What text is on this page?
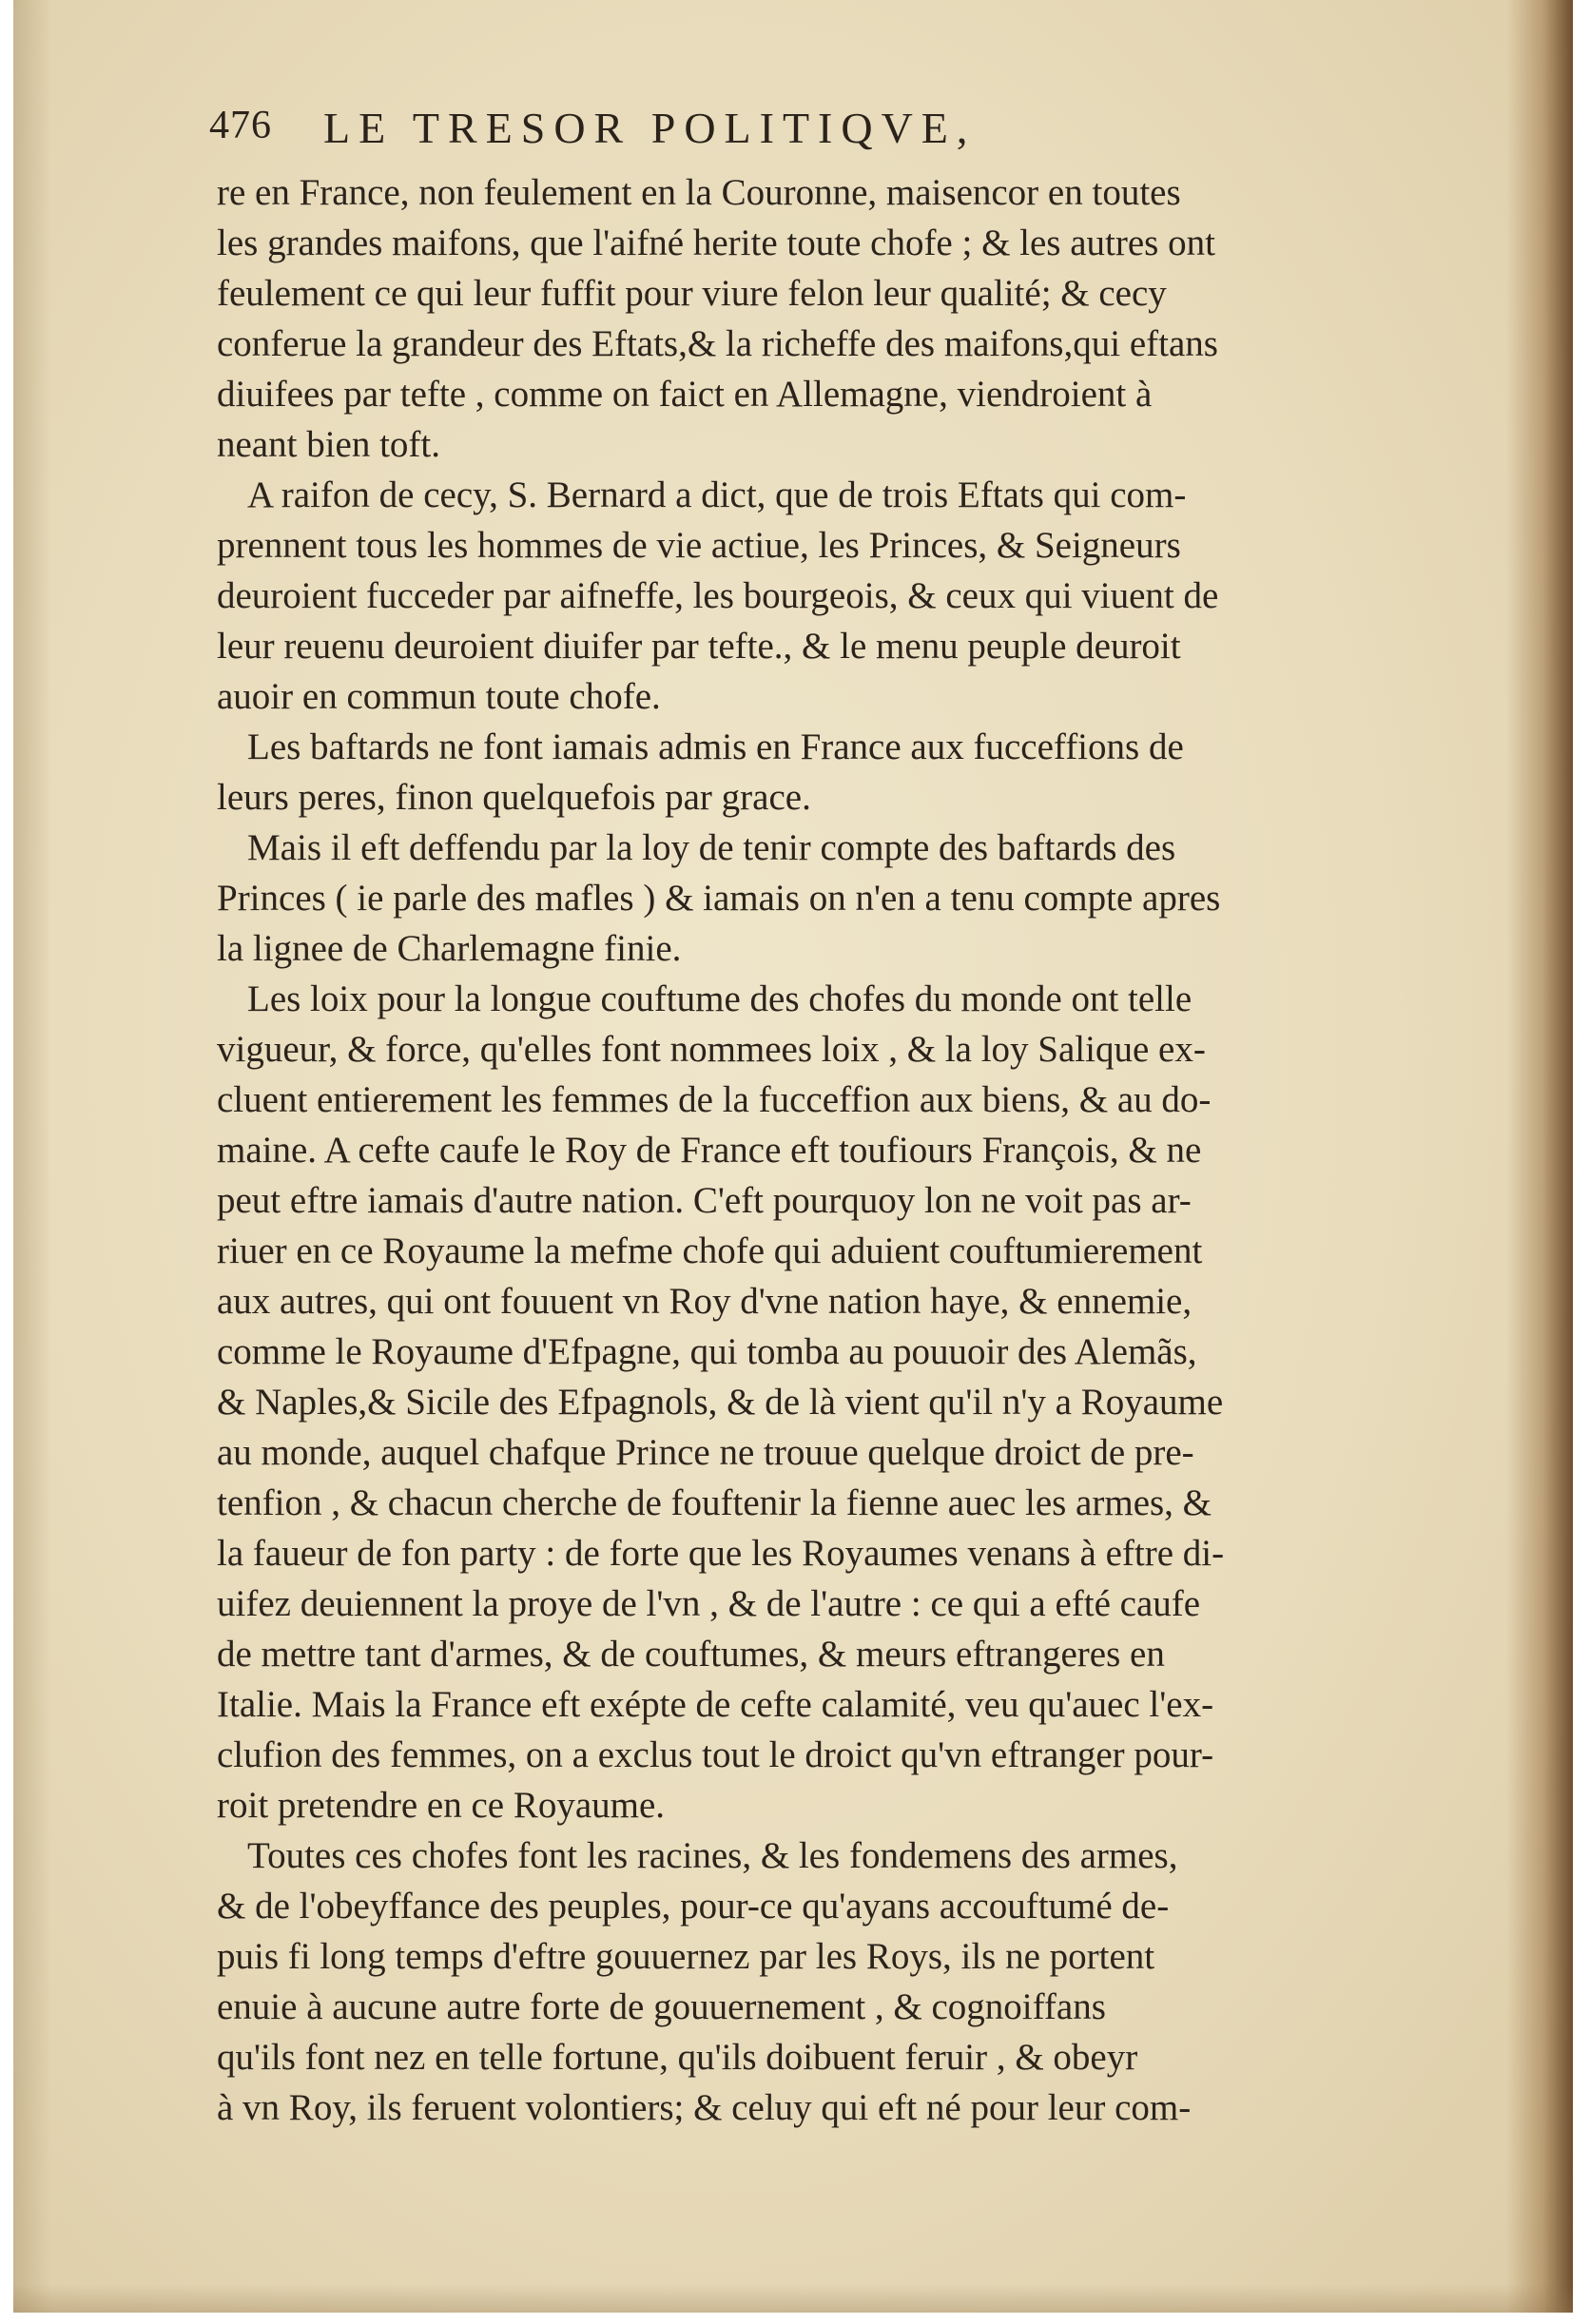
476 LE TRESOR POLITIQVE,
re en France, non feulement en la Couronne, maisencor en toutes
les grandes maifons, que l'aifné herite toute chofe ; & les autres ont
feulement ce qui leur fuffit pour viure felon leur qualité; & cecy
conferue la grandeur des Eftats,& la richeffe des maifons,qui eftans
diuifees par tefte , comme on faict en Allemagne, viendroient à
neant bien toft.
A raifon de cecy, S. Bernard a dict, que de trois Eftats qui com-
prennent tous les hommes de vie actiue, les Princes, & Seigneurs
deuroient fucceder par aifneffe, les bourgeois, & ceux qui viuent de
leur reuenu deuroient diuifer par tefte., & le menu peuple deuroit
auoir en commun toute chofe.
Les baftards ne font iamais admis en France aux fucceffions de
leurs peres, finon quelquefois par grace.
Mais il eft deffendu par la loy de tenir compte des baftards des
Princes ( ie parle des mafles ) & iamais on n'en a tenu compte apres
la lignee de Charlemagne finie.
Les loix pour la longue couftume des chofes du monde ont telle
vigueur, & force, qu'elles font nommees loix , & la loy Salique ex-
cluent entierement les femmes de la fucceffion aux biens, & au do-
maine. A cefte caufe le Roy de France eft toufiours François, & ne
peut eftre iamais d'autre nation. C'eft pourquoy lon ne voit pas ar-
riuer en ce Royaume la mefme chofe qui aduient couftumierement
aux autres, qui ont fouuent vn Roy d'vne nation haye, & ennemie,
comme le Royaume d'Efpagne, qui tomba au pouuoir des Alemãs,
& Naples,& Sicile des Efpagnols, & de là vient qu'il n'y a Royaume
au monde, auquel chafque Prince ne trouue quelque droict de pre-
tenfion , & chacun cherche de fouftenir la fienne auec les armes, &
la faueur de fon party : de forte que les Royaumes venans à eftre di-
uifez deuiennent la proye de l'vn , & de l'autre : ce qui a efté caufe
de mettre tant d'armes, & de couftumes, & meurs eftrangeres en
Italie. Mais la France eft exépte de cefte calamité, veu qu'auec l'ex-
clufion des femmes, on a exclus tout le droict qu'vn eftranger pour-
roit pretendre en ce Royaume.
Toutes ces chofes font les racines, & les fondemens des armes,
& de l'obeyffance des peuples, pour-ce qu'ayans accouftumé de-
puis fi long temps d'eftre gouuernez par les Roys, ils ne portent
enuie à aucune autre forte de gouuernement , & cognoiffans
qu'ils font nez en telle fortune, qu'ils doibuent feruir , & obeyr
à vn Roy, ils feruent volontiers; & celuy qui eft né pour leur com-
